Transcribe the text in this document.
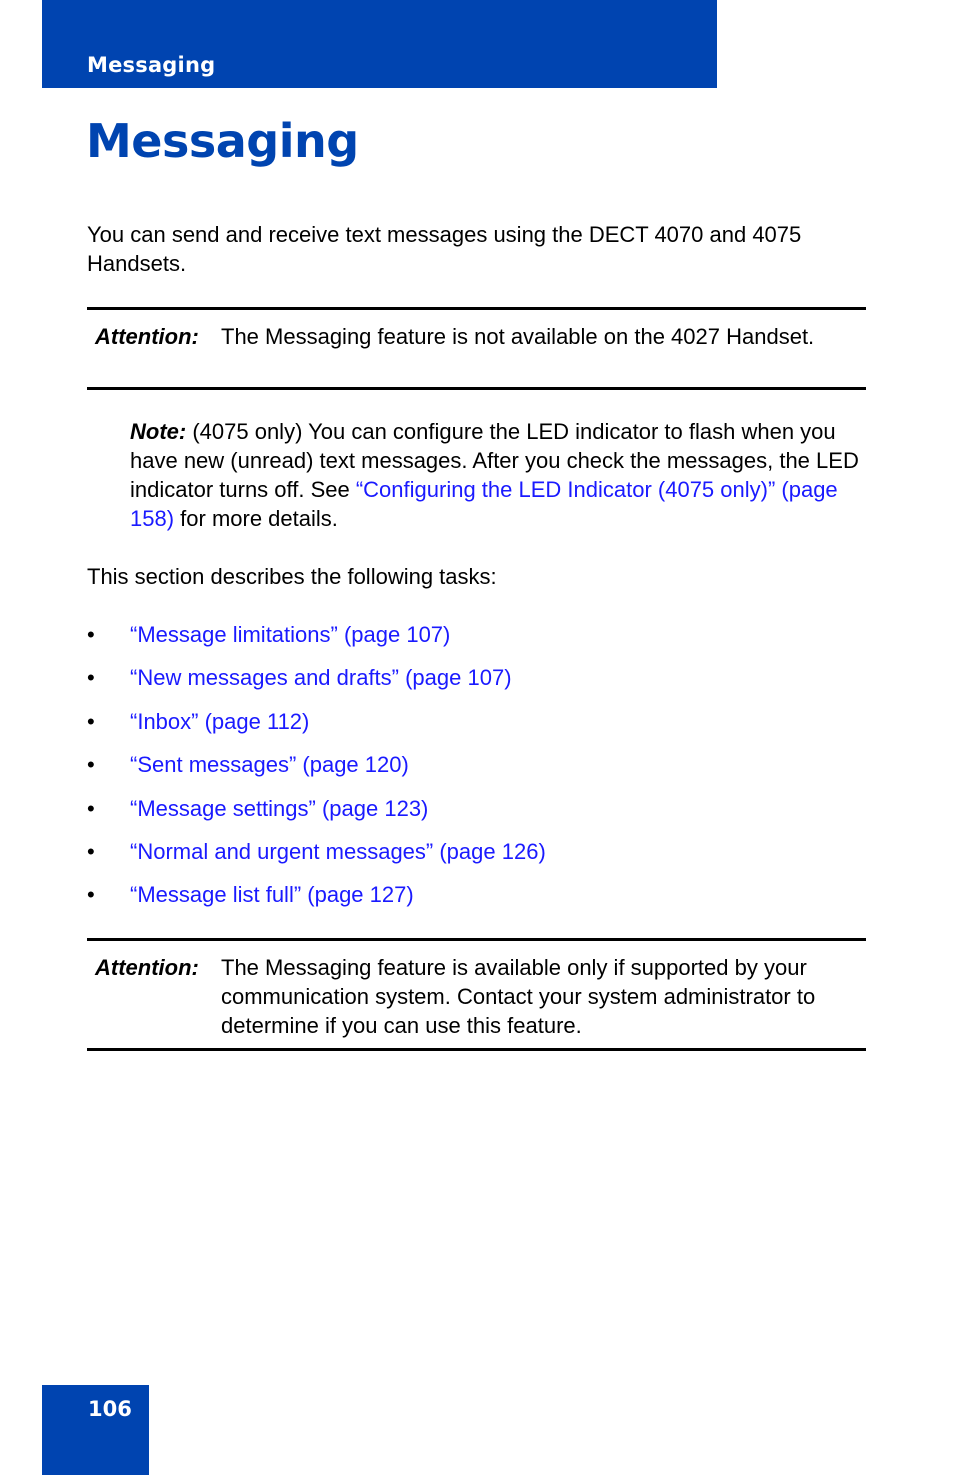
Messaging
Messaging
You can send and receive text messages using the DECT 4070 and 4075 Handsets.
Attention:	The Messaging feature is not available on the 4027 Handset.
Note: (4075 only) You can configure the LED indicator to flash when you have new (unread) text messages. After you check the messages, the LED indicator turns off. See “Configuring the LED Indicator (4075 only)” (page 158) for more details.
This section describes the following tasks:
• “Message limitations” (page 107)
• “New messages and drafts” (page 107)
• “Inbox” (page 112)
• “Sent messages” (page 120)
• “Message settings” (page 123)
• “Normal and urgent messages” (page 126)
• “Message list full” (page 127)
Attention:	The Messaging feature is available only if supported by your communication system. Contact your system administrator to determine if you can use this feature.
106
